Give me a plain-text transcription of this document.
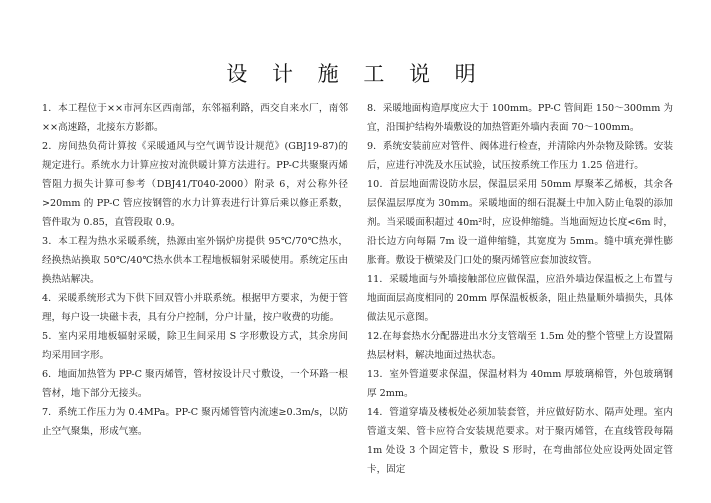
设 计 施 工 说 明

1．本工程位于××市河东区西南部，东邻福利路，西交自来水厂，南邻××高速路，北接东方影都。

2．房间热负荷计算按《采暖通风与空气调节设计规范》(GBJ19-87)的规定进行。系统水力计算应按对流供暖计算方法进行。PP-C共聚聚丙烯管阻力损失计算可参考（DBJ41/T040-2000）附录 6，对公称外径>20mm 的 PP-C 管应按钢管的水力计算表进行计算后乘以修正系数，管件取为 0.85，直管段取 0.9。

3．本工程为热水采暖系统，热源由室外锅炉房提供 95℃/70℃热水，经换热站换取 50℃/40℃热水供本工程地板辐射采暖使用。系统定压由换热站解决。

4．采暖系统形式为下供下回双管小并联系统。根据甲方要求，为便于管理，每户设一块磁卡表，具有分户控制，分户计量，按户收费的功能。

5．室内采用地板辐射采暖，除卫生间采用 S 字形敷设方式，其余房间均采用回字形。

6．地面加热管为 PP-C 聚丙烯管，管材按设计尺寸敷设，一个环路一根管材，地下部分无接头。

7．系统工作压力为 0.4MPa。PP-C 聚丙烯管管内流速≥0.3m/s，以防止空气聚集，形成气塞。

8．采暖地面构造厚度应大于 100mm。PP-C 管间距 150～300mm 为宜，沿围护结构外墙敷设的加热管距外墙内表面 70～100mm。

9．系统安装前应对管件、阀体进行检查，并清除内外杂物及除锈。安装后，应进行冲洗及水压试验，试压按系统工作压力 1.25 倍进行。

10．首层地面需设防水层，保温层采用 50mm 厚聚苯乙烯板，其余各层保温层厚度为 30mm。采暖地面的细石混凝土中加入防止龟裂的添加剂。当采暖面积超过 40m²时，应设伸缩缝。当地面短边长度<6m 时，沿长边方向每隔 7m 设一道伸缩缝，其宽度为 5mm。缝中填充弹性膨胀膏。敷设于横梁及门口处的聚丙烯管应套加波纹管。

11．采暖地面与外墙接触部位应做保温，应沿外墙边保温板之上布置与地面面层高度相同的 20mm 厚保温板板条，阻止热量顺外墙损失，具体做法见示意图。

12.在每套热水分配器进出水分支管端至 1.5m 处的整个管壁上方设置隔热层材料，解决地面过热状态。

13．室外管道要求保温，保温材料为 40mm 厚玻璃棉管，外包玻璃钢厚 2mm。

14．管道穿墙及楼板处必须加装套管，并应做好防水、隔声处理。室内管道支架、管卡应符合安装规范要求。对于聚丙烯管，在直线管段每隔 1m 处设 3 个固定管卡，敷设 S 形时，在弯曲部位处应设两处固定管卡，固定
